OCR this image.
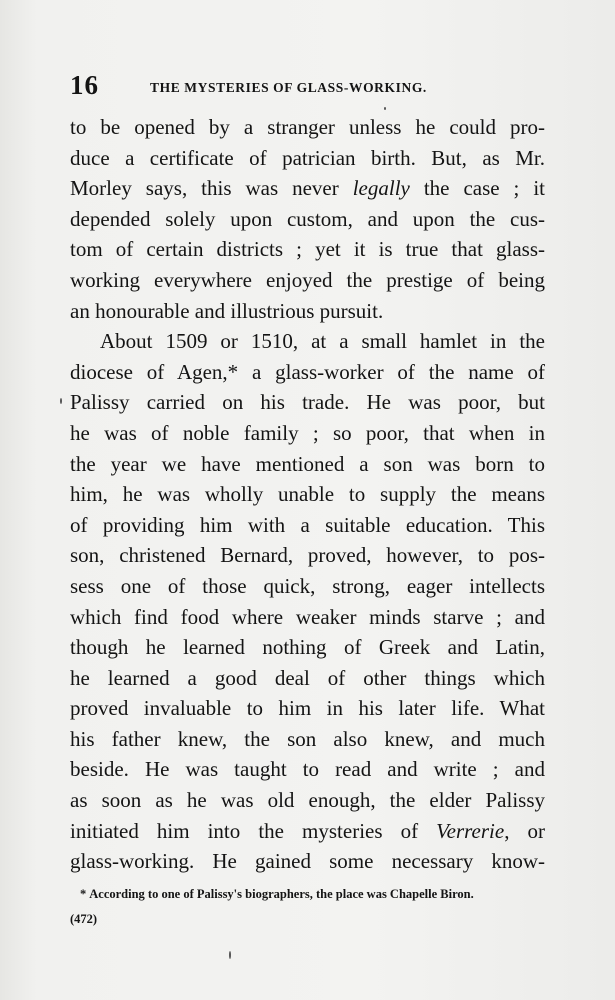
16	THE MYSTERIES OF GLASS-WORKING.
to be opened by a stranger unless he could pro-
duce a certificate of patrician birth. But, as Mr.
Morley says, this was never legally the case ; it
depended solely upon custom, and upon the cus-
tom of certain districts ; yet it is true that glass-
working everywhere enjoyed the prestige of being
an honourable and illustrious pursuit.
About 1509 or 1510, at a small hamlet in the
diocese of Agen,* a glass-worker of the name of
Palissy carried on his trade. He was poor, but
he was of noble family ; so poor, that when in
the year we have mentioned a son was born to
him, he was wholly unable to supply the means
of providing him with a suitable education. This
son, christened Bernard, proved, however, to pos-
sess one of those quick, strong, eager intellects
which find food where weaker minds starve ; and
though he learned nothing of Greek and Latin,
he learned a good deal of other things which
proved invaluable to him in his later life. What
his father knew, the son also knew, and much
beside. He was taught to read and write ; and
as soon as he was old enough, the elder Palissy
initiated him into the mysteries of Verrerie, or
glass-working. He gained some necessary know-
* According to one of Palissy's biographers, the place was Chapelle Biron.
(472)
